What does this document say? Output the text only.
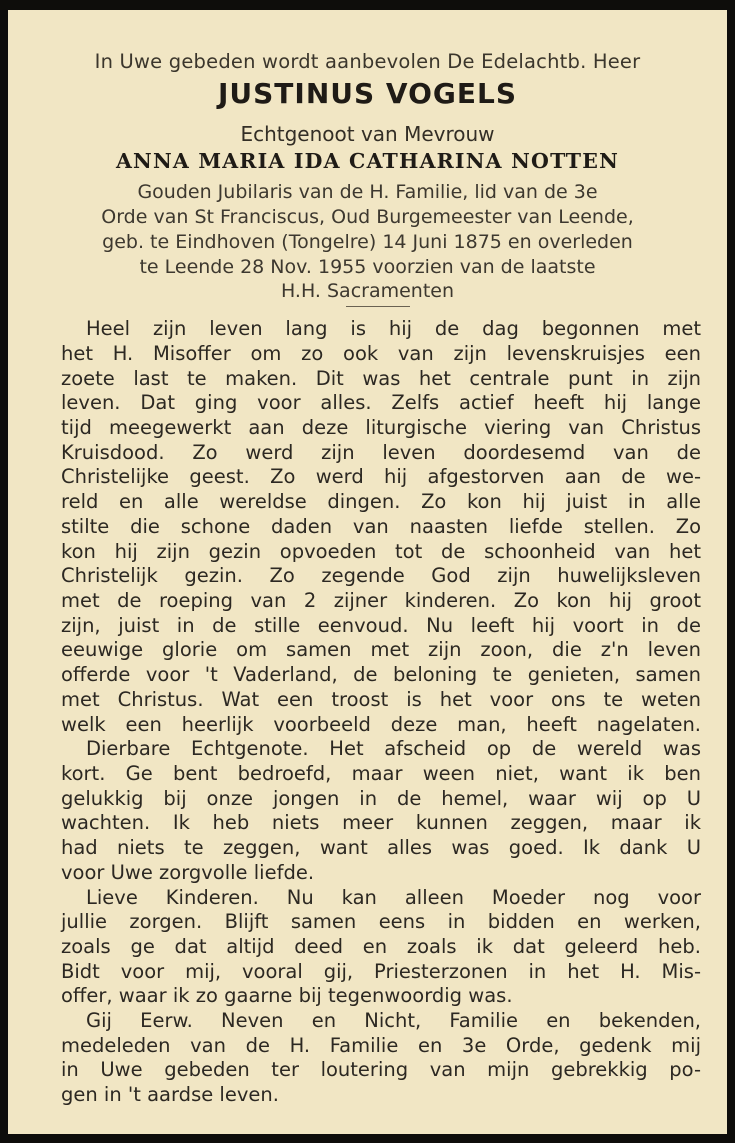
In Uwe gebeden wordt aanbevolen De Edelachtb. Heer
JUSTINUS VOGELS
Echtgenoot van Mevrouw
ANNA MARIA IDA CATHARINA NOTTEN
Gouden Jubilaris van de H. Familie, lid van de 3e
Orde van St Franciscus, Oud Burgemeester van Leende,
geb. te Eindhoven (Tongelre) 14 Juni 1875 en overleden
te Leende 28 Nov. 1955 voorzien van de laatste
H.H. Sacramenten
Heel zijn leven lang is hij de dag begonnen met
het H. Misoffer om zo ook van zijn levenskruisjes een
zoete last te maken. Dit was het centrale punt in zijn
leven. Dat ging voor alles. Zelfs actief heeft hij lange
tijd meegewerkt aan deze liturgische viering van Christus
Kruisdood. Zo werd zijn leven doordesemd van de
Christelijke geest. Zo werd hij afgestorven aan de we-
reld en alle wereldse dingen. Zo kon hij juist in alle
stilte die schone daden van naasten liefde stellen. Zo
kon hij zijn gezin opvoeden tot de schoonheid van het
Christelijk gezin. Zo zegende God zijn huwelijksleven
met de roeping van 2 zijner kinderen. Zo kon hij groot
zijn, juist in de stille eenvoud. Nu leeft hij voort in de
eeuwige glorie om samen met zijn zoon, die z'n leven
offerde voor 't Vaderland, de beloning te genieten, samen
met Christus. Wat een troost is het voor ons te weten
welk een heerlijk voorbeeld deze man, heeft nagelaten.
Dierbare Echtgenote. Het afscheid op de wereld was
kort. Ge bent bedroefd, maar ween niet, want ik ben
gelukkig bij onze jongen in de hemel, waar wij op U
wachten. Ik heb niets meer kunnen zeggen, maar ik
had niets te zeggen, want alles was goed. Ik dank U
voor Uwe zorgvolle liefde.
Lieve Kinderen. Nu kan alleen Moeder nog voor
jullie zorgen. Blijft samen eens in bidden en werken,
zoals ge dat altijd deed en zoals ik dat geleerd heb.
Bidt voor mij, vooral gij, Priesterzonen in het H. Mis-
offer, waar ik zo gaarne bij tegenwoordig was.
Gij Eerw. Neven en Nicht, Familie en bekenden,
medeleden van de H. Familie en 3e Orde, gedenk mij
in Uwe gebeden ter loutering van mijn gebrekkig po-
gen in 't aardse leven.
